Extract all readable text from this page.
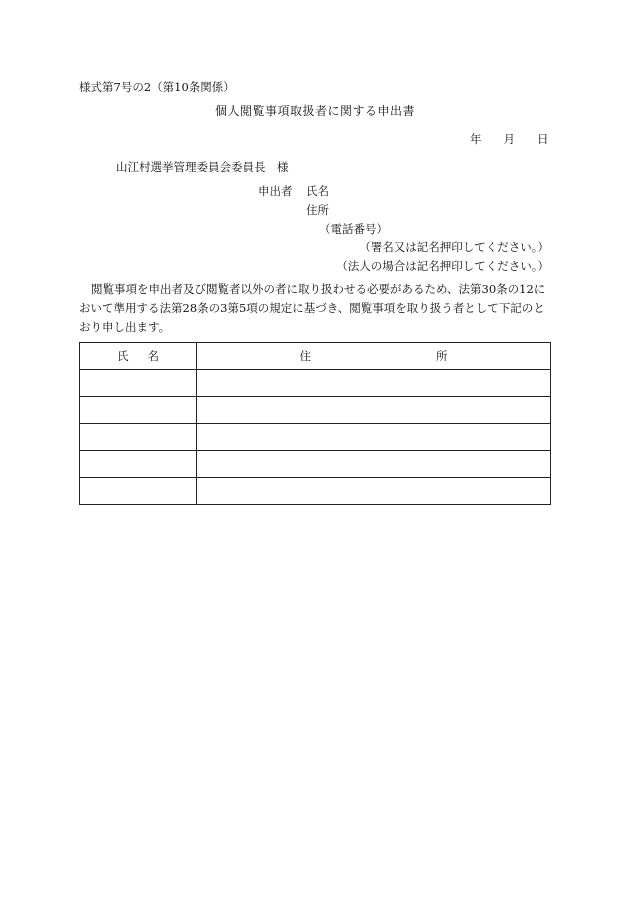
様式第7号の2（第10条関係）
個人閲覧事項取扱者に関する申出書
年 月 日
山江村選挙管理委員会委員長　様
申出者 氏名
住所
（電話番号）
（署名又は記名押印してください。）
（法人の場合は記名押印してください。）
閲覧事項を申出者及び閲覧者以外の者に取り扱わせる必要があるため、法第30条の12において準用する法第28条の3第5項の規定に基づき、閲覧事項を取り扱う者として下記のとおり申し出ます。
氏 名	住 所
